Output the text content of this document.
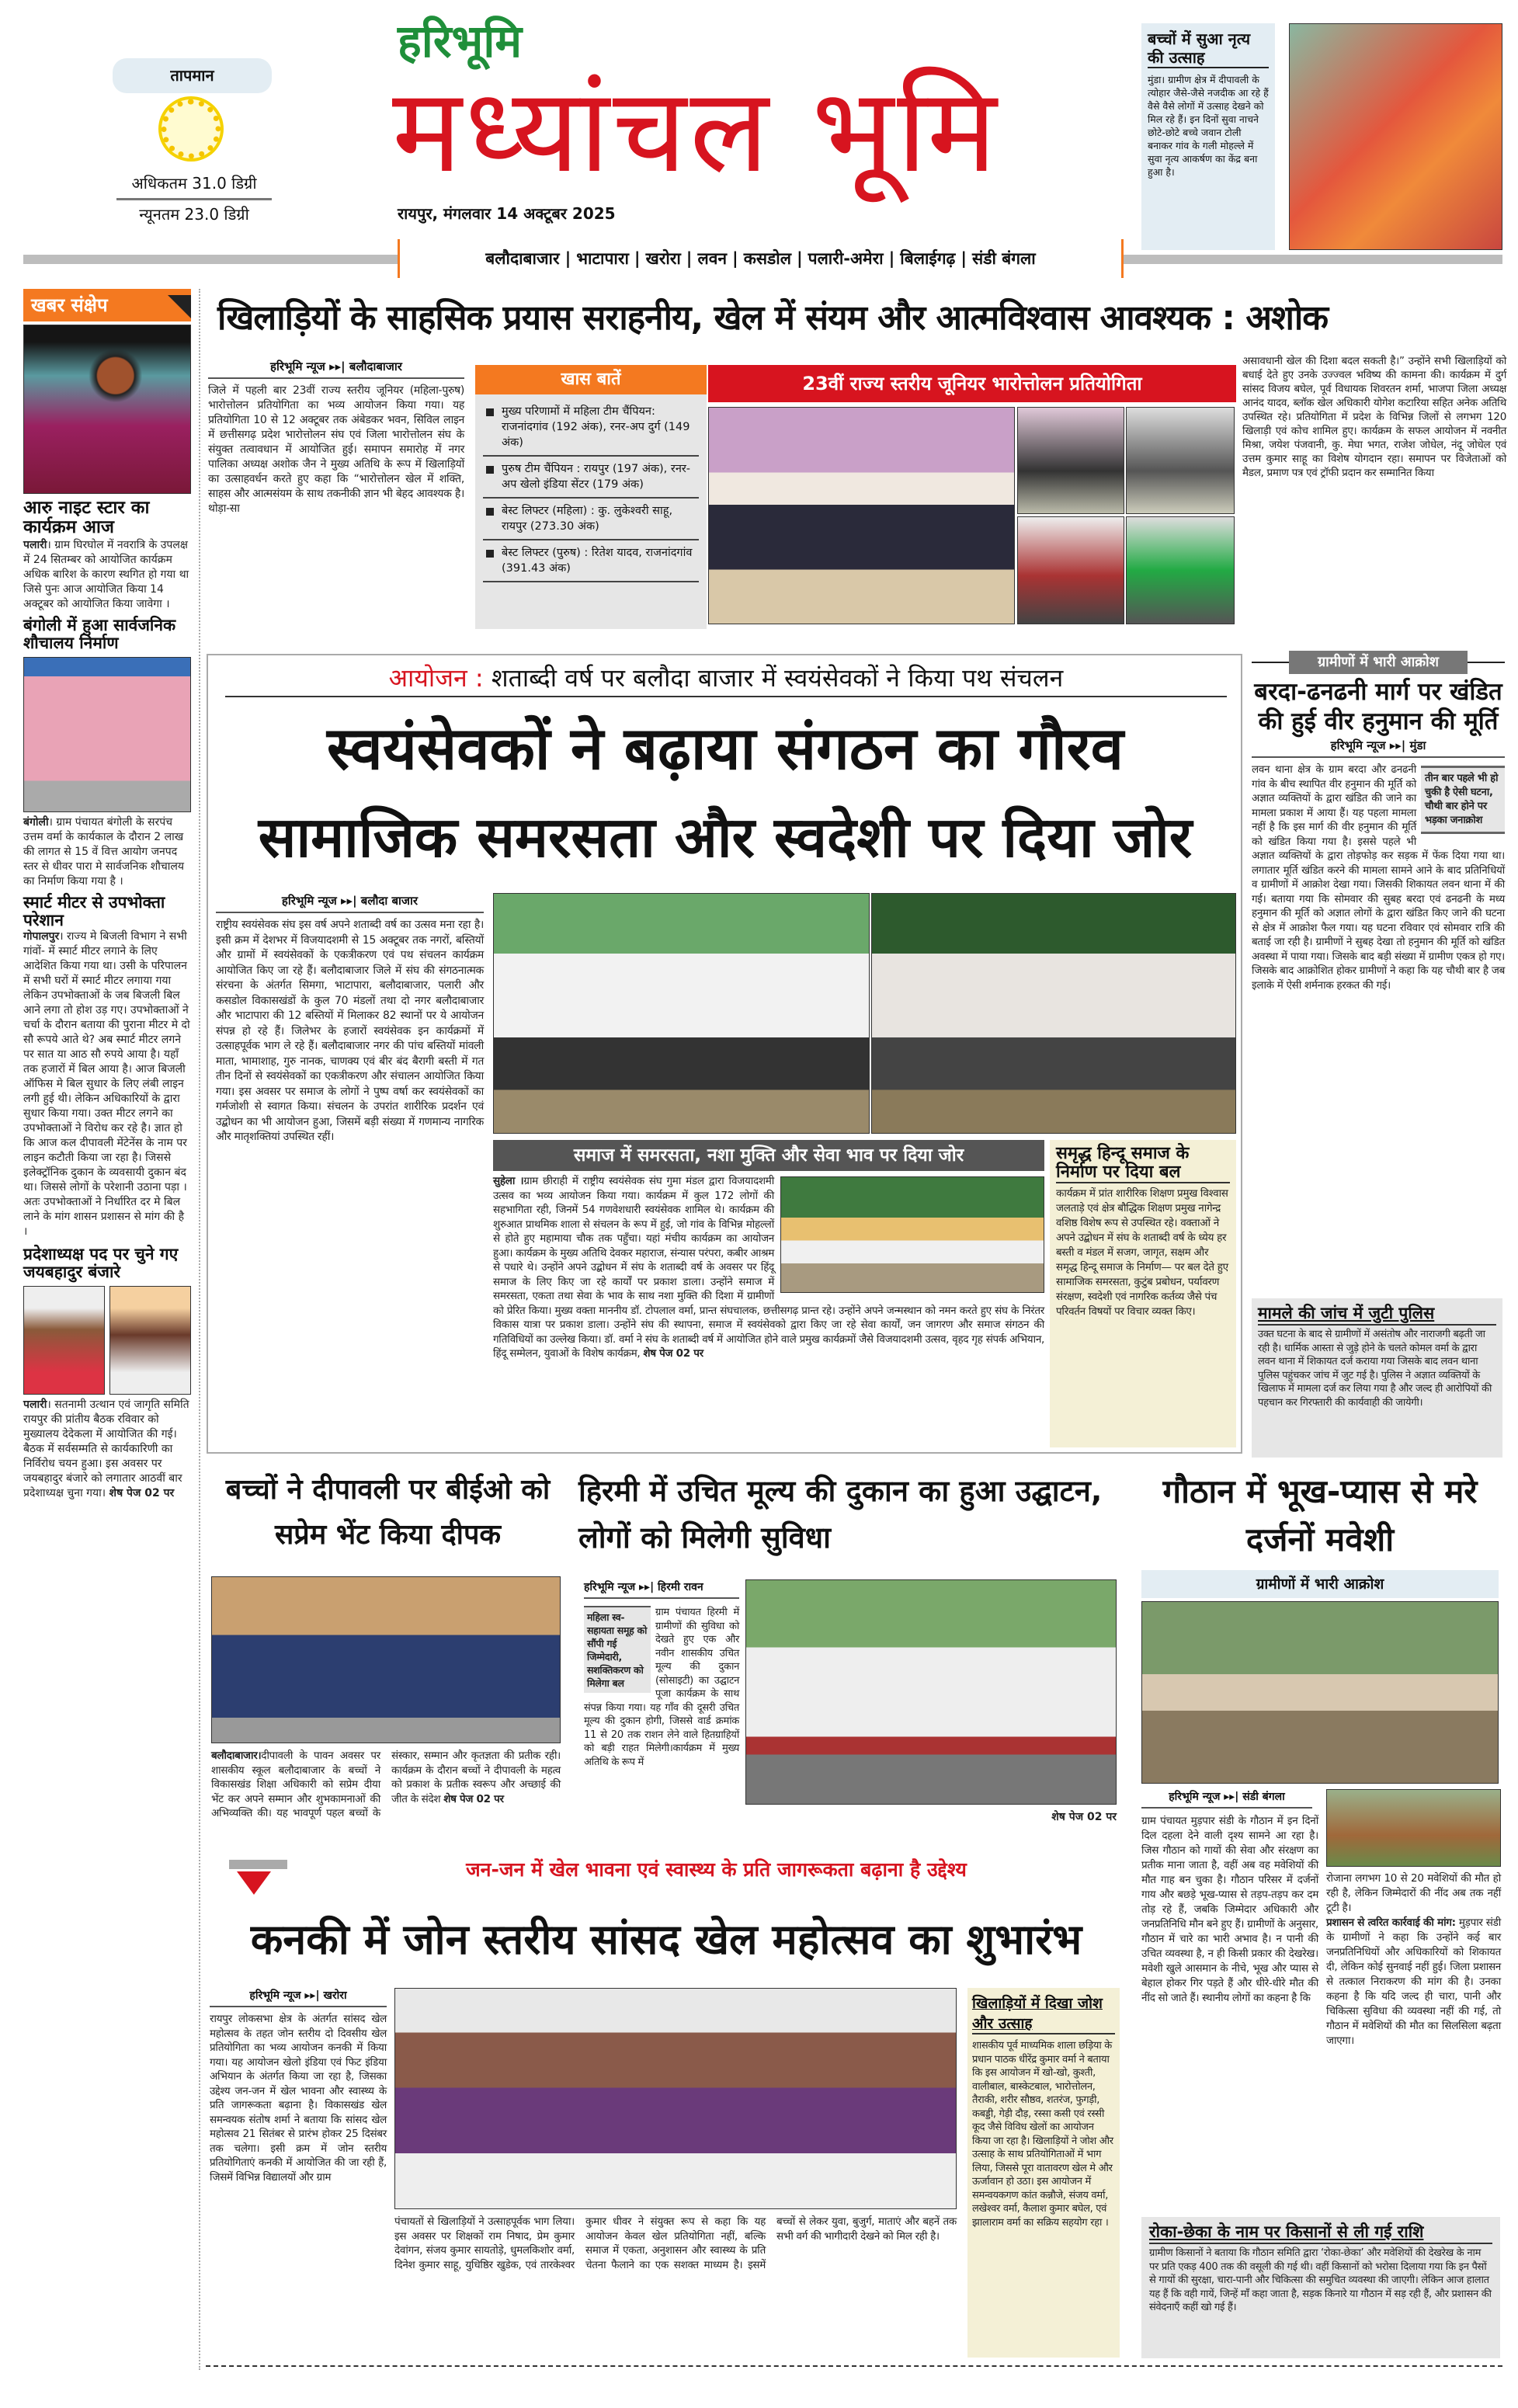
तापमान
अधिकतम 31.0 डिग्री
न्यूनतम 23.0 डिग्री
हरिभूमि
मध्यांचल भूमि
रायपुर, मंगलवार 14 अक्टूबर 2025
बच्चों में सुआ नृत्य की उत्साह
मुंडा। ग्रामीण क्षेत्र में दीपावली के त्योहार जैसे-जैसे नजदीक आ रहे हैं वैसे वैसे लोगों में उत्साह देखने को मिल रहे हैं। इन दिनों सुवा नाचने छोटे-छोटे बच्चे जवान टोली बनाकर गांव के गली मोहल्ले में सुवा नृत्य आकर्षण का केंद्र बना हुआ है।
बलौदाबाजार | भाटापारा | खरोरा | लवन | कसडोल | पलारी-अमेरा | बिलाईगढ़ | संडी बंगला
खबर संक्षेप
आरु नाइट स्टार का कार्यक्रम आज
पलारी। ग्राम घिरघोल में नवरात्रि के उपलक्ष में 24 सितम्बर को आयोजित कार्यक्रम अधिक बारिश के कारण स्थगित हो गया था जिसे पुनः आज आयोजित किया 14 अक्टूबर को आयोजित किया जावेगा ।
बंगोली में हुआ सार्वजनिक शौचालय निर्माण
बंगोली। ग्राम पंचायत बंगोली के सरपंच उत्तम वर्मा के कार्यकाल के दौरान 2 लाख की लागत से 15 वें वित्त आयोग जनपद स्तर से धीवर पारा मे सार्वजनिक शौचालय का निर्माण किया गया है ।
स्मार्ट मीटर से उपभोक्ता परेशान
गोपालपुर। राज्य मे बिजली विभाग ने सभी गांवों- में स्मार्ट मीटर लगाने के लिए आदेशित किया गया था। उसी के परिपालन में सभी घरों में स्मार्ट मीटर लगाया गया लेकिन उपभोक्ताओं के जब बिजली बिल आने लगा तो होश उड़ गए। उपभोक्ताओं ने चर्चा के दौरान बताया की पुराना मीटर मे दो सौ रूपये आते थे? अब स्मार्ट मीटर लगने पर सात या आठ सौ रुपये आया है। यहाँ तक हजारों में बिल आया है। आज बिजली ऑफिस मे बिल सुधार के लिए लंबी लाइन लगी हुई थी। लेकिन अधिकारियों के द्वारा सुधार किया गया। उक्त मीटर लगने का उपभोक्ताओं ने विरोध कर रहे है। ज्ञात हो कि आज कल दीपावली मेंटेनेंस के नाम पर लाइन कटौती किया जा रहा है। जिससे इलेक्ट्रॉनिक दुकान के व्यवसायी दुकान बंद था। जिससे लोगों के परेशानी उठाना पड़ा । अतः उपभोक्ताओं ने निर्धारित दर मे बिल लाने के मांग शासन प्रशासन से मांग की है ।
प्रदेशाध्यक्ष पद पर चुने गए जयबहादुर बंजारे
पलारी। सतनामी उत्थान एवं जागृति समिति रायपुर की प्रांतीय बैठक रविवार को मुख्यालय देदेकला में आयोजित की गई। बैठक में सर्वसम्मति से कार्यकारिणी का निर्विरोध चयन हुआ। इस अवसर पर जयबहादुर बंजारे को लगातार आठवीं बार प्रदेशाध्यक्ष चुना गया। शेष पेज 02 पर
खिलाड़ियों के साहसिक प्रयास सराहनीय, खेल में संयम और आत्मविश्वास आवश्यक : अशोक
हरिभूमि न्यूज ▸▸| बलौदाबाजार
जिले में पहली बार 23वीं राज्य स्तरीय जूनियर (महिला-पुरुष) भारोत्तोलन प्रतियोगिता का भव्य आयोजन किया गया। यह प्रतियोगिता 10 से 12 अक्टूबर तक अंबेडकर भवन, सिविल लाइन में छत्तीसगढ़ प्रदेश भारोत्तोलन संघ एवं जिला भारोत्तोलन संघ के संयुक्त तत्वावधान में आयोजित हुई। समापन समारोह में नगर पालिका अध्यक्ष अशोक जैन ने मुख्य अतिथि के रूप में खिलाड़ियों का उत्साहवर्धन करते हुए कहा कि “भारोत्तोलन खेल में शक्ति, साहस और आत्मसंयम के साथ तकनीकी ज्ञान भी बेहद आवश्यक है। थोड़ा-सा
खास बातें
मुख्य परिणामों में महिला टीम चैंपियन: राजनांदगांव (192 अंक), रनर-अप दुर्ग (149 अंक)
पुरुष टीम चैंपियन : रायपुर (197 अंक), रनर-अप खेलो इंडिया सेंटर (179 अंक)
बेस्ट लिफ्टर (महिला) : कु. लुकेश्वरी साहू, रायपुर (273.30 अंक)
बेस्ट लिफ्टर (पुरुष) : रितेश यादव, राजनांदगांव (391.43 अंक)
23वीं राज्य स्तरीय जूनियर भारोत्तोलन प्रतियोगिता
असावधानी खेल की दिशा बदल सकती है।” उन्होंने सभी खिलाड़ियों को बधाई देते हुए उनके उज्ज्वल भविष्य की कामना की। कार्यक्रम में दुर्ग सांसद विजय बघेल, पूर्व विधायक शिवरतन शर्मा, भाजपा जिला अध्यक्ष आनंद यादव, ब्लॉक खेल अधिकारी योगेश कटारिया सहित अनेक अतिथि उपस्थित रहे। प्रतियोगिता में प्रदेश के विभिन्न जिलों से लगभग 120 खिलाड़ी एवं कोच शामिल हुए। कार्यक्रम के सफल आयोजन में नवनीत मिश्रा, जयेश पंजवानी, कु. मेघा भगत, राजेश जोधेल, नंदू जोधेल एवं उत्तम कुमार साहू का विशेष योगदान रहा। समापन पर विजेताओं को मैडल, प्रमाण पत्र एवं ट्रॉफी प्रदान कर सम्मानित किया
आयोजन : शताब्दी वर्ष पर बलौदा बाजार में स्वयंसेवकों ने किया पथ संचलन
स्वयंसेवकों ने बढ़ाया संगठन का गौरव
सामाजिक समरसता और स्वदेशी पर दिया जोर
हरिभूमि न्यूज ▸▸| बलौदा बाजार
राष्ट्रीय स्वयंसेवक संघ इस वर्ष अपने शताब्दी वर्ष का उत्सव मना रहा है। इसी क्रम में देशभर में विजयादशमी से 15 अक्टूबर तक नगरों, बस्तियों और ग्रामों में स्वयंसेवकों के एकत्रीकरण एवं पथ संचलन कार्यक्रम आयोजित किए जा रहे हैं। बलौदाबाजार जिले में संघ की संगठनात्मक संरचना के अंतर्गत सिमगा, भाटापारा, बलौदाबाजार, पलारी और कसडोल विकासखंडों के कुल 70 मंडलों तथा दो नगर बलौदाबाजार और भाटापारा की 12 बस्तियों में मिलाकर 82 स्थानों पर ये आयोजन संपन्न हो रहे हैं। जिलेभर के हजारों स्वयंसेवक इन कार्यक्रमों में उत्साहपूर्वक भाग ले रहे हैं। बलौदाबाजार नगर की पांच बस्तियों मांवली माता, भामाशाह, गुरु नानक, चाणक्य एवं बीर बंद बैरागी बस्ती में गत तीन दिनों से स्वयंसेवकों का एकत्रीकरण और संचालन आयोजित किया गया। इस अवसर पर समाज के लोगों ने पुष्प वर्षा कर स्वयंसेवकों का गर्मजोशी से स्वागत किया। संचलन के उपरांत शारीरिक प्रदर्शन एवं उद्बोधन का भी आयोजन हुआ, जिसमें बड़ी संख्या में गणमान्य नागरिक और मातृशक्तियां उपस्थित रहीं।
समाज में समरसता, नशा मुक्ति और सेवा भाव पर दिया जोर
सुहेला ।ग्राम छीराही में राष्ट्रीय स्वयंसेवक संघ गुमा मंडल द्वारा विजयादशमी उत्सव का भव्य आयोजन किया गया। कार्यक्रम में कुल 172 लोगों की सहभागिता रही, जिनमें 54 गणवेशधारी स्वयंसेवक शामिल थे। कार्यक्रम की शुरुआत प्राथमिक शाला से संचलन के रूप में हुई, जो गांव के विभिन्न मोहल्लों से होते हुए महामाया चौक तक पहुँचा। यहां मंचीय कार्यक्रम का आयोजन हुआ। कार्यक्रम के मुख्य अतिथि देवकर महाराज, संन्यास परंपरा, कबीर आश्रम से पधारे थे। उन्होंने अपने उद्बोधन में संघ के शताब्दी वर्ष के अवसर पर हिंदू समाज के लिए किए जा रहे कार्यों पर प्रकाश डाला। उन्होंने समाज में समरसता, एकता तथा सेवा के भाव के साथ नशा मुक्ति की दिशा में ग्रामीणों को प्रेरित किया। मुख्य वक्ता माननीय डॉ. टोपलाल वर्मा, प्रान्त संघचालक, छत्तीसगढ़ प्रान्त रहे। उन्होंने अपने जन्मस्थान को नमन करते हुए संघ के निरंतर विकास यात्रा पर प्रकाश डाला। उन्होंने संघ की स्थापना, समाज में स्वयंसेवको द्वारा किए जा रहे सेवा कार्यों, जन जागरण और समाज संगठन की गतिविधियों का उल्लेख किया। डॉ. वर्मा ने संघ के शताब्दी वर्ष में आयोजित होने वाले प्रमुख कार्यक्रमों जैसे विजयादशमी उत्सव, वृहद गृह संपर्क अभियान, हिंदू सम्मेलन, युवाओं के विशेष कार्यक्रम, शेष पेज 02 पर
समृद्ध हिन्दू समाज के निर्माण पर दिया बल
कार्यक्रम में प्रांत शारीरिक शिक्षण प्रमुख विश्वास जलताड़े एवं क्षेत्र बौद्धिक शिक्षण प्रमुख नागेन्द्र वशिष्ठ विशेष रूप से उपस्थित रहे। वक्ताओं ने अपने उद्बोधन में संघ के शताब्दी वर्ष के ध्येय हर बस्ती व मंडल में सजग, जागृत, सक्षम और समृद्ध हिन्दू समाज के निर्माण— पर बल देते हुए सामाजिक समरसता, कुटुंब प्रबोधन, पर्यावरण संरक्षण, स्वदेशी एवं नागरिक कर्तव्य जैसे पंच परिवर्तन विषयों पर विचार व्यक्त किए।
ग्रामीणों में भारी आक्रोश
बरदा-ढनढनी मार्ग पर खंडित की हुई वीर हनुमान की मूर्ति
हरिभूमि न्यूज ▸▸| मुंडा
तीन बार पहले भी हो चुकी है ऐसी घटना, चौथी बार होने पर भड़का जनाक्रोश
लवन थाना क्षेत्र के ग्राम बरदा और ढनढनी गांव के बीच स्थापित वीर हनुमान की मूर्ति को अज्ञात व्यक्तियों के द्वारा खंडित की जाने का मामला प्रकाश में आया हैं। यह पहला मामला नहीं है कि इस मार्ग की वीर हनुमान की मूर्ति को खंडित किया गया है। इससे पहले भी अज्ञात व्यक्तियों के द्वारा तोड़फोड़ कर सड़क में फेंक दिया गया था।लगातार मूर्ति खंडित करने की मामला सामने आने के बाद प्रतिनिधियों व ग्रामीणों में आक्रोश देखा गया। जिसकी शिकायत लवन थाना में की गई। बताया गया कि सोमवार की सुबह बरदा एवं ढनढनी के मध्य हनुमान की मूर्ति को अज्ञात लोगों के द्वारा खंडित किए जाने की घटना से क्षेत्र में आक्रोश फैल गया। यह घटना रविवार एवं सोमवार रात्रि की बताई जा रही है। ग्रामीणों ने सुबह देखा तो हनुमान की मूर्ति को खंडित अवस्था में पाया गया। जिसके बाद बड़ी संख्या में ग्रामीण एकत्र हो गए। जिसके बाद आक्रोशित होकर ग्रामीणों ने कहा कि यह चौथी बार है जब इलाके में ऐसी शर्मनाक हरकत की गई।
मामले की जांच में जुटी पुलिस
उक्त घटना के बाद से ग्रामीणों में असंतोष और नाराजगी बढ़ती जा रही है। धार्मिक आस्ता से जुड़े होने के चलते कोमल वर्मा के द्वारा लवन थाना में शिकायत दर्ज कराया गया जिसके बाद लवन थाना पुलिस पहुंचकर जांच में जुट गई है। पुलिस ने अज्ञात व्यक्तियों के खिलाफ में मामला दर्ज कर लिया गया है और जल्द ही आरोपियों की पहचान कर गिरफ्तारी की कार्यवाही की जायेगी।
बच्चों ने दीपावली पर बीईओ को सप्रेम भेंट किया दीपक
बलौदाबाजार।दीपावली के पावन अवसर पर शासकीय स्कूल बलौदाबाजार के बच्चों ने विकासखंड शिक्षा अधिकारी को सप्रेम दीया भेंट कर अपने सम्मान और शुभकामनाओं की अभिव्यक्ति की। यह भावपूर्ण पहल बच्चों के संस्कार, सम्मान और कृतज्ञता की प्रतीक रही। कार्यक्रम के दौरान बच्चों ने दीपावली के महत्व को प्रकाश के प्रतीक स्वरूप और अच्छाई की जीत के संदेश शेष पेज 02 पर
हिरमी में उचित मूल्य की दुकान का हुआ उद्घाटन, लोगों को मिलेगी सुविधा
हरिभूमि न्यूज ▸▸| हिरमी रावन
महिला स्व-सहायता समूह को सौंपी गई जिम्मेदारी, सशक्तिकरण को मिलेगा बल
ग्राम पंचायत हिरमी में ग्रामीणों की सुविधा को देखते हुए एक और नवीन शासकीय उचित मूल्य की दुकान (सोसाइटी) का उद्घाटन पूजा कार्यक्रम के साथ संपन्न किया गया। यह गाँव की दूसरी उचित मूल्य की दुकान होगी, जिससे वार्ड क्रमांक 11 से 20 तक राशन लेने वाले हितग्राहियों को बड़ी राहत मिलेगी।कार्यक्रम में मुख्य अतिथि के रूप में
शेष पेज 02 पर
गौठान में भूख-प्यास से मरे दर्जनों मवेशी
ग्रामीणों में भारी आक्रोश
हरिभूमि न्यूज ▸▸| संडी बंगला
ग्राम पंचायत मुड़पार संडी के गौठान में इन दिनों दिल दहला देने वाली दृश्य सामने आ रहा है। जिस गौठान को गायों की सेवा और संरक्षण का प्रतीक माना जाता है, वहीं अब वह मवेशियों की मौत गाह बन चुका है। गौठान परिसर में दर्जनों गाय और बछड़े भूख-प्यास से तड़प-तड़प कर दम तोड़ रहे हैं, जबकि जिम्मेदार अधिकारी और जनप्रतिनिधि मौन बने हुए हैं। ग्रामीणों के अनुसार, गौठान में चारे का भारी अभाव है। न पानी की उचित व्यवस्था है, न ही किसी प्रकार की देखरेख। मवेशी खुले आसमान के नीचे, भूख और प्यास से बेहाल होकर गिर पड़ते हैं और धीरे-धीरे मौत की नींद सो जाते हैं। स्थानीय लोगों का कहना है कि
रोजाना लगभग 10 से 20 मवेशियों की मौत हो रही है, लेकिन जिम्मेदारों की नींद अब तक नहीं टूटी है।
प्रशासन से त्वरित कार्रवाई की मांग: मुड़पार संडी के ग्रामीणों ने कहा कि उन्होंने कई बार जनप्रतिनिधियों और अधिकारियों को शिकायत दी, लेकिन कोई सुनवाई नहीं हुई। जिला प्रशासन से तत्काल निराकरण की मांग की है। उनका कहना है कि यदि जल्द ही चारा, पानी और चिकित्सा सुविधा की व्यवस्था नहीं की गई, तो गौठान में मवेशियों की मौत का सिलसिला बढ़ता जाएगा।
रोका-छेका के नाम पर किसानों से ली गई राशि
ग्रामीण किसानों ने बताया कि गौठान समिति द्वारा ‘रोका-छेका’ और मवेशियों की देखरेख के नाम पर प्रति एकड़ 400 तक की वसूली की गई थी। वहीं किसानों को भरोसा दिलाया गया कि इन पैसों से गायों की सुरक्षा, चारा-पानी और चिकित्सा की समुचित व्यवस्था की जाएगी। लेकिन आज हालात यह हैं कि वही गायें, जिन्हें माँ कहा जाता है, सड़क किनारे या गौठान में सड़ रही हैं, और प्रशासन की संवेदनाएँ कहीं खो गई हैं।
जन-जन में खेल भावना एवं स्वास्थ्य के प्रति जागरूकता बढ़ाना है उद्देश्य
कनकी में जोन स्तरीय सांसद खेल महोत्सव का शुभारंभ
हरिभूमि न्यूज ▸▸| खरोरा
रायपुर लोकसभा क्षेत्र के अंतर्गत सांसद खेल महोत्सव के तहत जोन स्तरीय दो दिवसीय खेल प्रतियोगिता का भव्य आयोजन कनकी में किया गया। यह आयोजन खेलो इंडिया एवं फिट इंडिया अभियान के अंतर्गत किया जा रहा है, जिसका उद्देश्य जन-जन में खेल भावना और स्वास्थ्य के प्रति जागरूकता बढ़ाना है। विकासखंड खेल समन्वयक संतोष शर्मा ने बताया कि सांसद खेल महोत्सव 21 सितंबर से प्रारंभ होकर 25 दिसंबर तक चलेगा। इसी क्रम में जोन स्तरीय प्रतियोगिताएं कनकी में आयोजित की जा रही हैं, जिसमें विभिन्न विद्यालयों और ग्राम
पंचायतों से खिलाड़ियों ने उत्साहपूर्वक भाग लिया। इस अवसर पर शिक्षकों राम निषाद, प्रेम कुमार देवांगन, संजय कुमार सायतोड़े, धुमलकिशोर वर्मा, दिनेश कुमार साहू, युधिष्ठिर खुडेक, एवं तारकेश्वर कुमार धीवर ने संयुक्त रूप से कहा कि यह आयोजन केवल खेल प्रतियोगिता नहीं, बल्कि समाज में एकता, अनुशासन और स्वास्थ्य के प्रति चेतना फैलाने का एक सशक्त माध्यम है। इसमें बच्चों से लेकर युवा, बुजुर्ग, माताएं और बहनें तक सभी वर्ग की भागीदारी देखने को मिल रही है।
खिलाड़ियों में दिखा जोश और उत्साह
शासकीय पूर्व माध्यमिक शाला छड़िया के प्रधान पाठक धीरेंद्र कुमार वर्मा ने बताया कि इस आयोजन में खो-खो, कुश्ती, वालीबाल, बास्केटबाल, भारोत्तोलन, तैराकी, शरीर सौष्ठव, शतरंज, फुगड़ी, कबड्डी, गेड़ी दौड़, रस्सा कसी एवं रस्सी कूद जैसे विविध खेलों का आयोजन किया जा रहा है। खिलाड़ियों ने जोश और उत्साह के साथ प्रतियोगिताओं में भाग लिया, जिससे पूरा वातावरण खेल मे और ऊर्जावान हो उठा। इस आयोजन में समन्वयकगण कांत कन्नौजे, संजय वर्मा, लखेश्वर वर्मा, कैलाश कुमार बघेल, एवं झालाराम वर्मा का सक्रिय सहयोग रहा ।
